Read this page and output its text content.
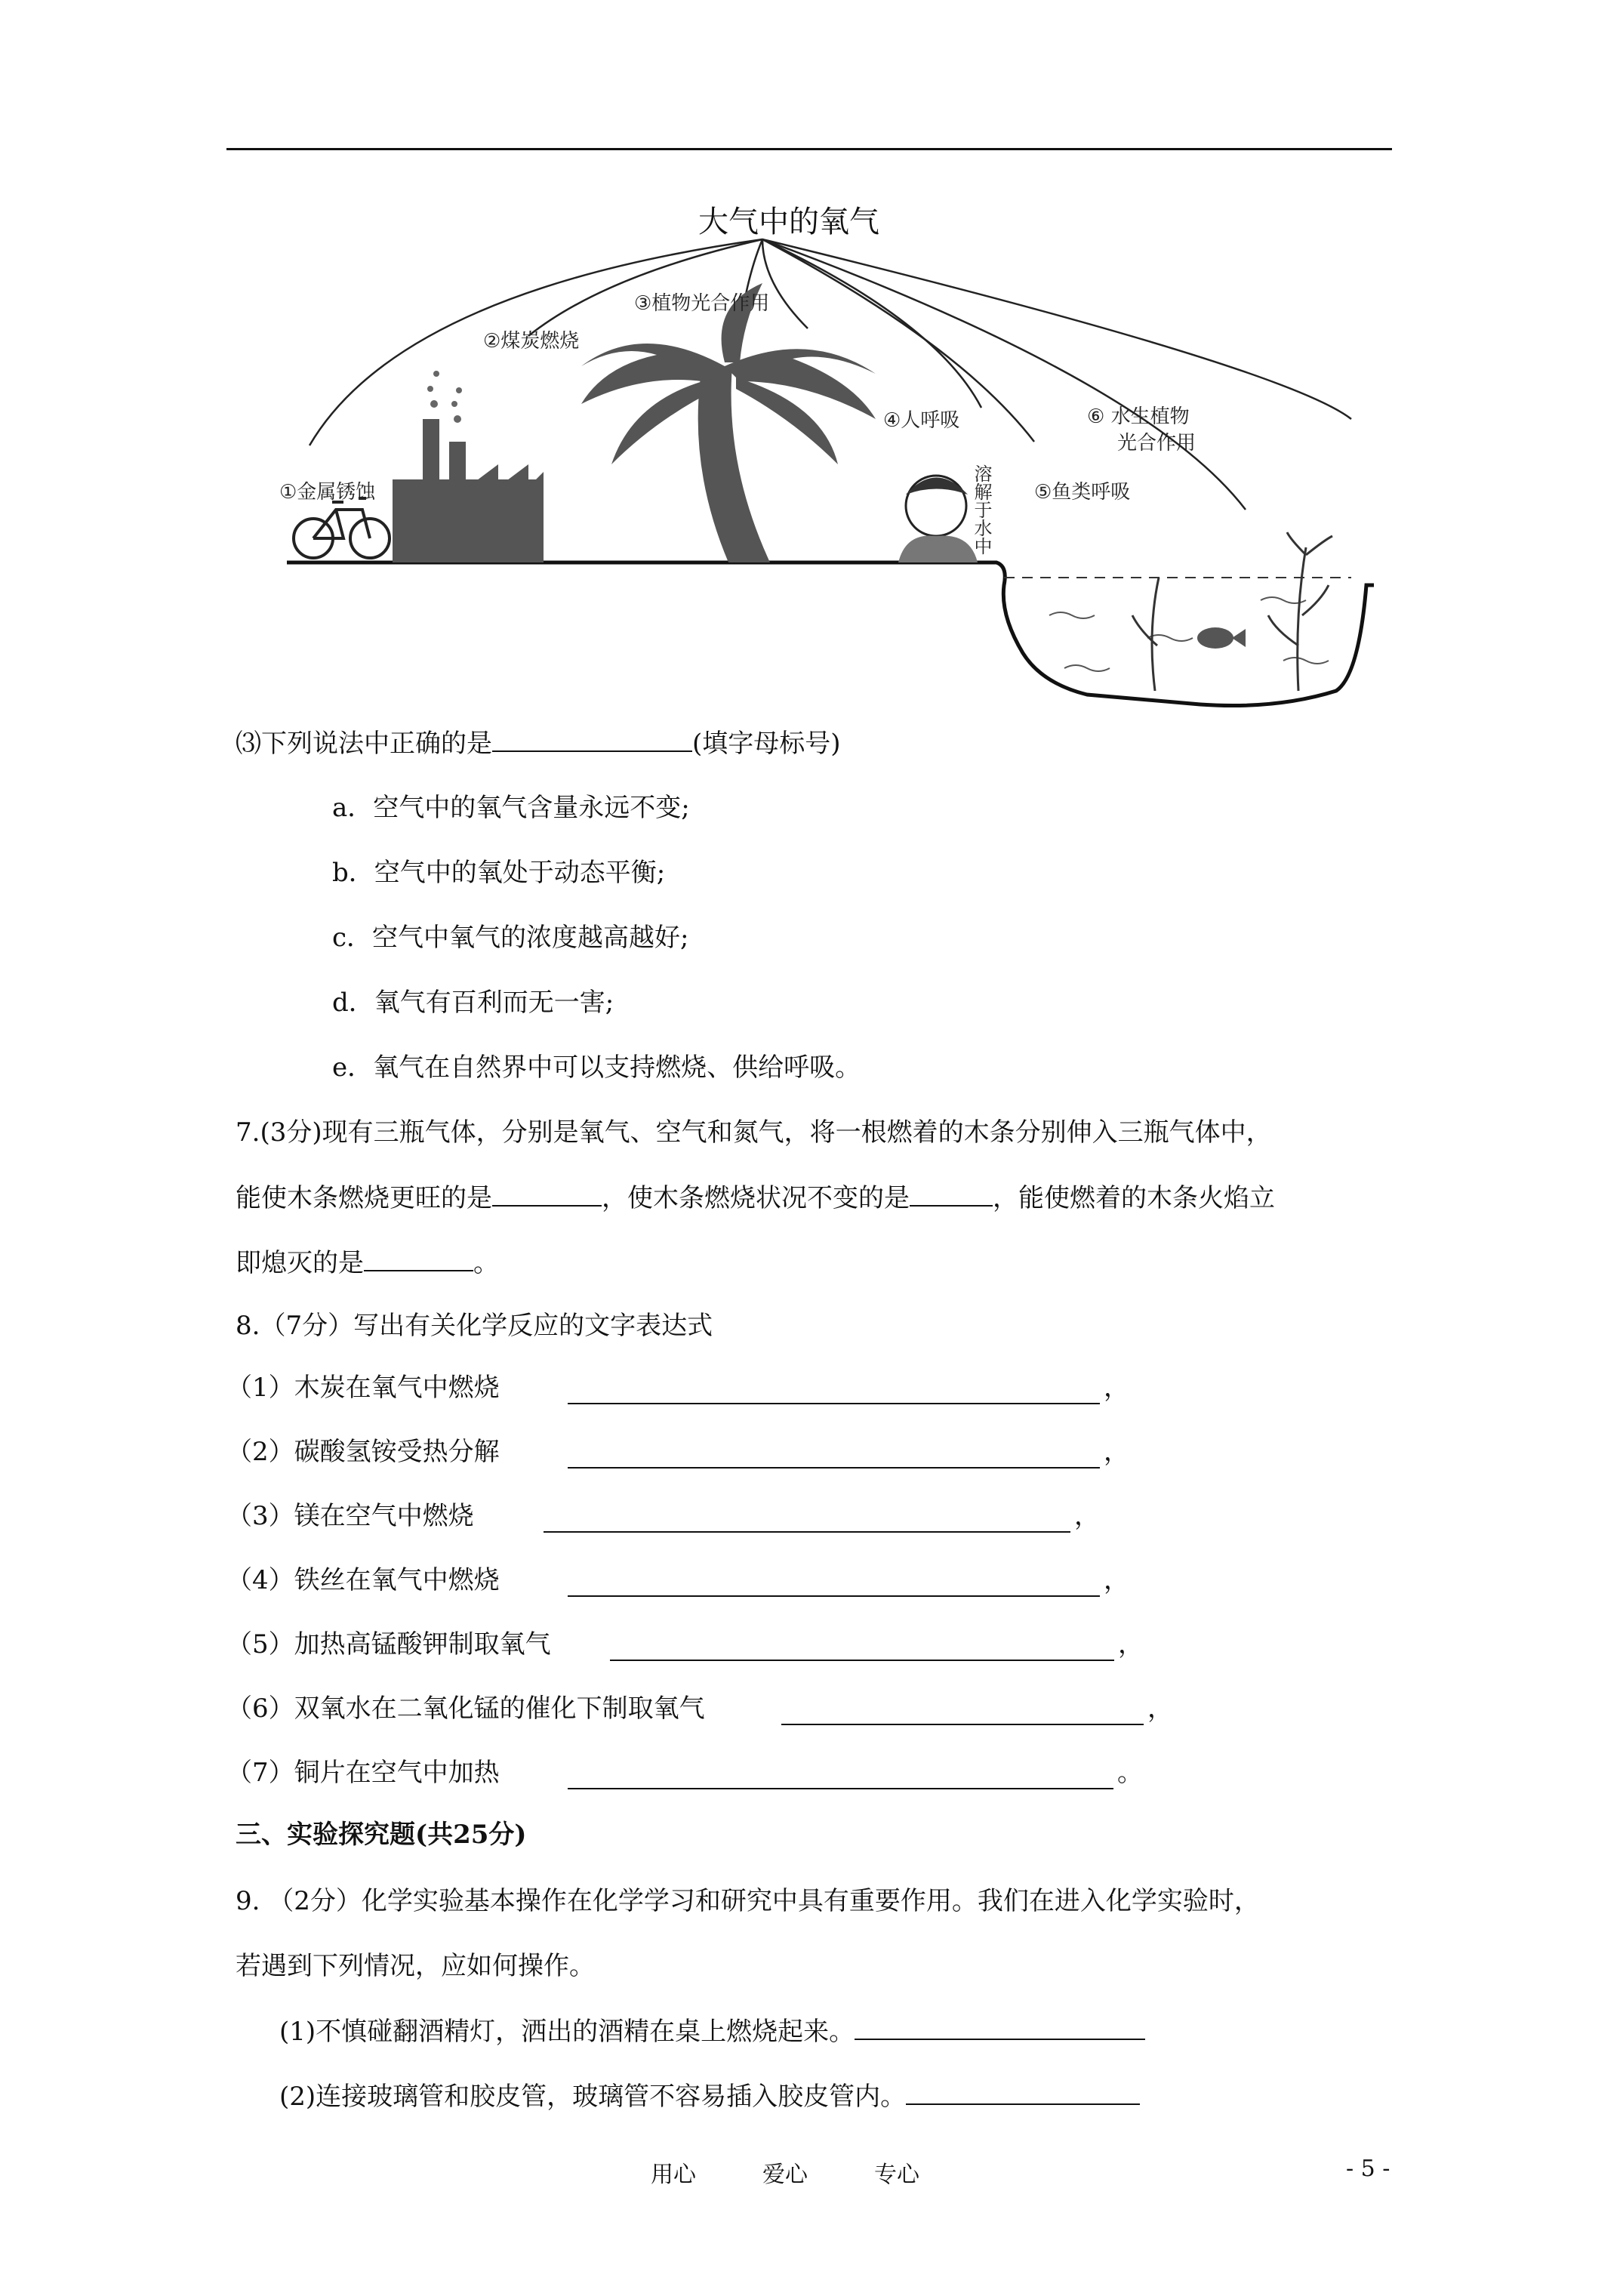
大气中的氧气
①金属锈蚀
②煤炭燃烧
③植物光合作用
④人呼吸
⑤鱼类呼吸
⑥ 水生植物
光合作用
溶解于水中
⑶下列说法中正确的是	(填字母标号)
a．空气中的氧气含量永远不变;
b．空气中的氧处于动态平衡;
c．空气中氧气的浓度越高越好;
d．氧气有百利而无一害;
e．氧气在自然界中可以支持燃烧、供给呼吸。
7.(3分)现有三瓶气体，分别是氧气、空气和氮气，将一根燃着的木条分别伸入三瓶气体中，
能使木条燃烧更旺的是	，使木条燃烧状况不变的是	，能使燃着的木条火焰立
即熄灭的是	。
8.（7分）写出有关化学反应的文字表达式
（1）木炭在氧气中燃烧	，
（2）碳酸氢铵受热分解	，
（3）镁在空气中燃烧	，
（4）铁丝在氧气中燃烧	，
（5）加热高锰酸钾制取氧气	，
（6）双氧水在二氧化锰的催化下制取氧气	，
（7）铜片在空气中加热	。
三、实验探究题(共25分)
9. （2分）化学实验基本操作在化学学习和研究中具有重要作用。我们在进入化学实验时，
若遇到下列情况，应如何操作。
(1)不慎碰翻酒精灯，洒出的酒精在桌上燃烧起来。
(2)连接玻璃管和胶皮管，玻璃管不容易插入胶皮管内。
用心	爱心	专心	- 5 -
